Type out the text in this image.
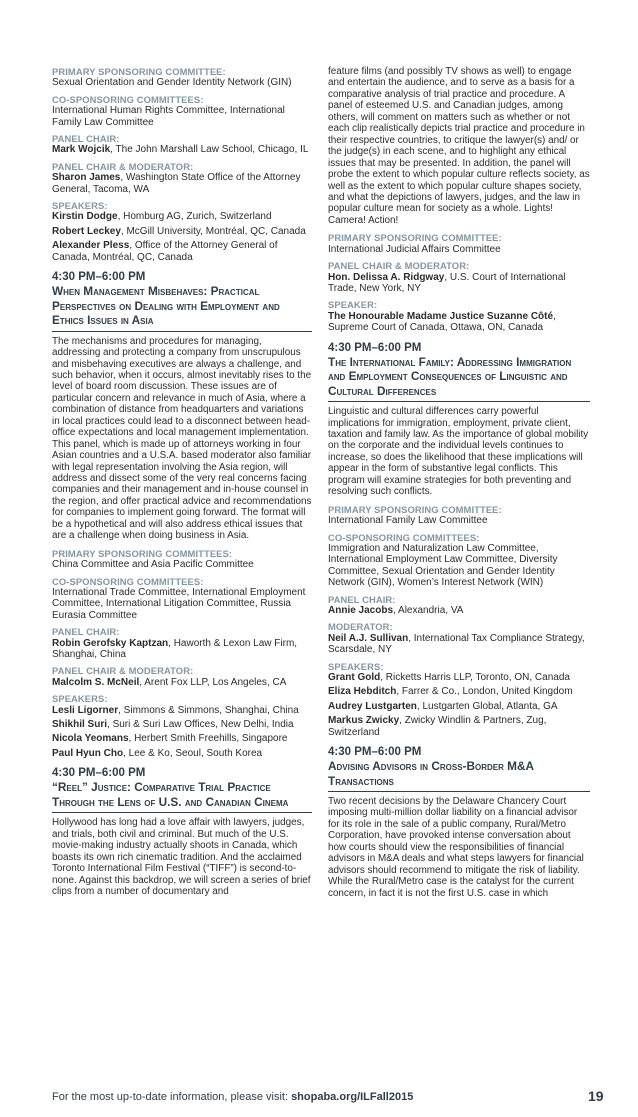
PRIMARY SPONSORING COMMITTEE:
Sexual Orientation and Gender Identity Network (GIN)
CO-SPONSORING COMMITTEES:
International Human Rights Committee, International Family Law Committee
PANEL CHAIR:
Mark Wojcik, The John Marshall Law School, Chicago, IL
PANEL CHAIR & MODERATOR:
Sharon James, Washington State Office of the Attorney General, Tacoma, WA
SPEAKERS:
Kirstin Dodge, Homburg AG, Zurich, Switzerland
Robert Leckey, McGill University, Montréal, QC, Canada
Alexander Pless, Office of the Attorney General of Canada, Montréal, QC, Canada
4:30 PM–6:00 PM
When Management Misbehaves: Practical Perspectives on Dealing with Employment and Ethics Issues in Asia
The mechanisms and procedures for managing, addressing and protecting a company from unscrupulous and misbehaving executives are always a challenge, and such behavior, when it occurs, almost inevitably rises to the level of board room discussion. These issues are of particular concern and relevance in much of Asia, where a combination of distance from headquarters and variations in local practices could lead to a disconnect between head-office expectations and local management implementation. This panel, which is made up of attorneys working in four Asian countries and a U.S.A. based moderator also familiar with legal representation involving the Asia region, will address and dissect some of the very real concerns facing companies and their management and in-house counsel in the region, and offer practical advice and recommendations for companies to implement going forward. The format will be a hypothetical and will also address ethical issues that are a challenge when doing business in Asia.
PRIMARY SPONSORING COMMITTEES:
China Committee and Asia Pacific Committee
CO-SPONSORING COMMITTEES:
International Trade Committee, International Employment Committee, International Litigation Committee, Russia Eurasia Committee
PANEL CHAIR:
Robin Gerofsky Kaptzan, Haworth & Lexon Law Firm, Shanghai, China
PANEL CHAIR & MODERATOR:
Malcolm S. McNeil, Arent Fox LLP, Los Angeles, CA
SPEAKERS:
Lesli Ligorner, Simmons & Simmons, Shanghai, China
Shikhil Suri, Suri & Suri Law Offices, New Delhi, India
Nicola Yeomans, Herbert Smith Freehills, Singapore
Paul Hyun Cho, Lee & Ko, Seoul, South Korea
4:30 PM–6:00 PM
“Reel” Justice: Comparative Trial Practice Through the Lens of U.S. and Canadian Cinema
Hollywood has long had a love affair with lawyers, judges, and trials, both civil and criminal. But much of the U.S. movie-making industry actually shoots in Canada, which boasts its own rich cinematic tradition. And the acclaimed Toronto International Film Festival (“TIFF”) is second-to-none. Against this backdrop, we will screen a series of brief clips from a number of documentary and
feature films (and possibly TV shows as well) to engage and entertain the audience, and to serve as a basis for a comparative analysis of trial practice and procedure. A panel of esteemed U.S. and Canadian judges, among others, will comment on matters such as whether or not each clip realistically depicts trial practice and procedure in their respective countries, to critique the lawyer(s) and/ or the judge(s) in each scene, and to highlight any ethical issues that may be presented. In addition, the panel will probe the extent to which popular culture reflects society, as well as the extent to which popular culture shapes society, and what the depictions of lawyers, judges, and the law in popular culture mean for society as a whole. Lights! Camera! Action!
PRIMARY SPONSORING COMMITTEE:
International Judicial Affairs Committee
PANEL CHAIR & MODERATOR:
Hon. Delissa A. Ridgway, U.S. Court of International Trade, New York, NY
SPEAKER:
The Honourable Madame Justice Suzanne Côté, Supreme Court of Canada, Ottawa, ON, Canada
4:30 PM–6:00 PM
The International Family: Addressing Immigration and Employment Consequences of Linguistic and Cultural Differences
Linguistic and cultural differences carry powerful implications for immigration, employment, private client, taxation and family law. As the importance of global mobility on the corporate and the individual levels continues to increase, so does the likelihood that these implications will appear in the form of substantive legal conflicts. This program will examine strategies for both preventing and resolving such conflicts.
PRIMARY SPONSORING COMMITTEE:
International Family Law Committee
CO-SPONSORING COMMITTEES:
Immigration and Naturalization Law Committee, International Employment Law Committee, Diversity Committee, Sexual Orientation and Gender Identity Network (GIN), Women’s Interest Network (WIN)
PANEL CHAIR:
Annie Jacobs, Alexandria, VA
MODERATOR:
Neil A.J. Sullivan, International Tax Compliance Strategy, Scarsdale, NY
SPEAKERS:
Grant Gold, Ricketts Harris LLP, Toronto, ON, Canada
Eliza Hebditch, Farrer & Co., London, United Kingdom
Audrey Lustgarten, Lustgarten Global, Atlanta, GA
Markus Zwicky, Zwicky Windlin & Partners, Zug, Switzerland
4:30 PM–6:00 PM
Advising Advisors in Cross-Border M&A Transactions
Two recent decisions by the Delaware Chancery Court imposing multi-million dollar liability on a financial advisor for its role in the sale of a public company, Rural/Metro Corporation, have provoked intense conversation about how courts should view the responsibilities of financial advisors in M&A deals and what steps lawyers for financial advisors should recommend to mitigate the risk of liability. While the Rural/Metro case is the catalyst for the current concern, in fact it is not the first U.S. case in which
For the most up-to-date information, please visit: shopaba.org/ILFall2015	19
